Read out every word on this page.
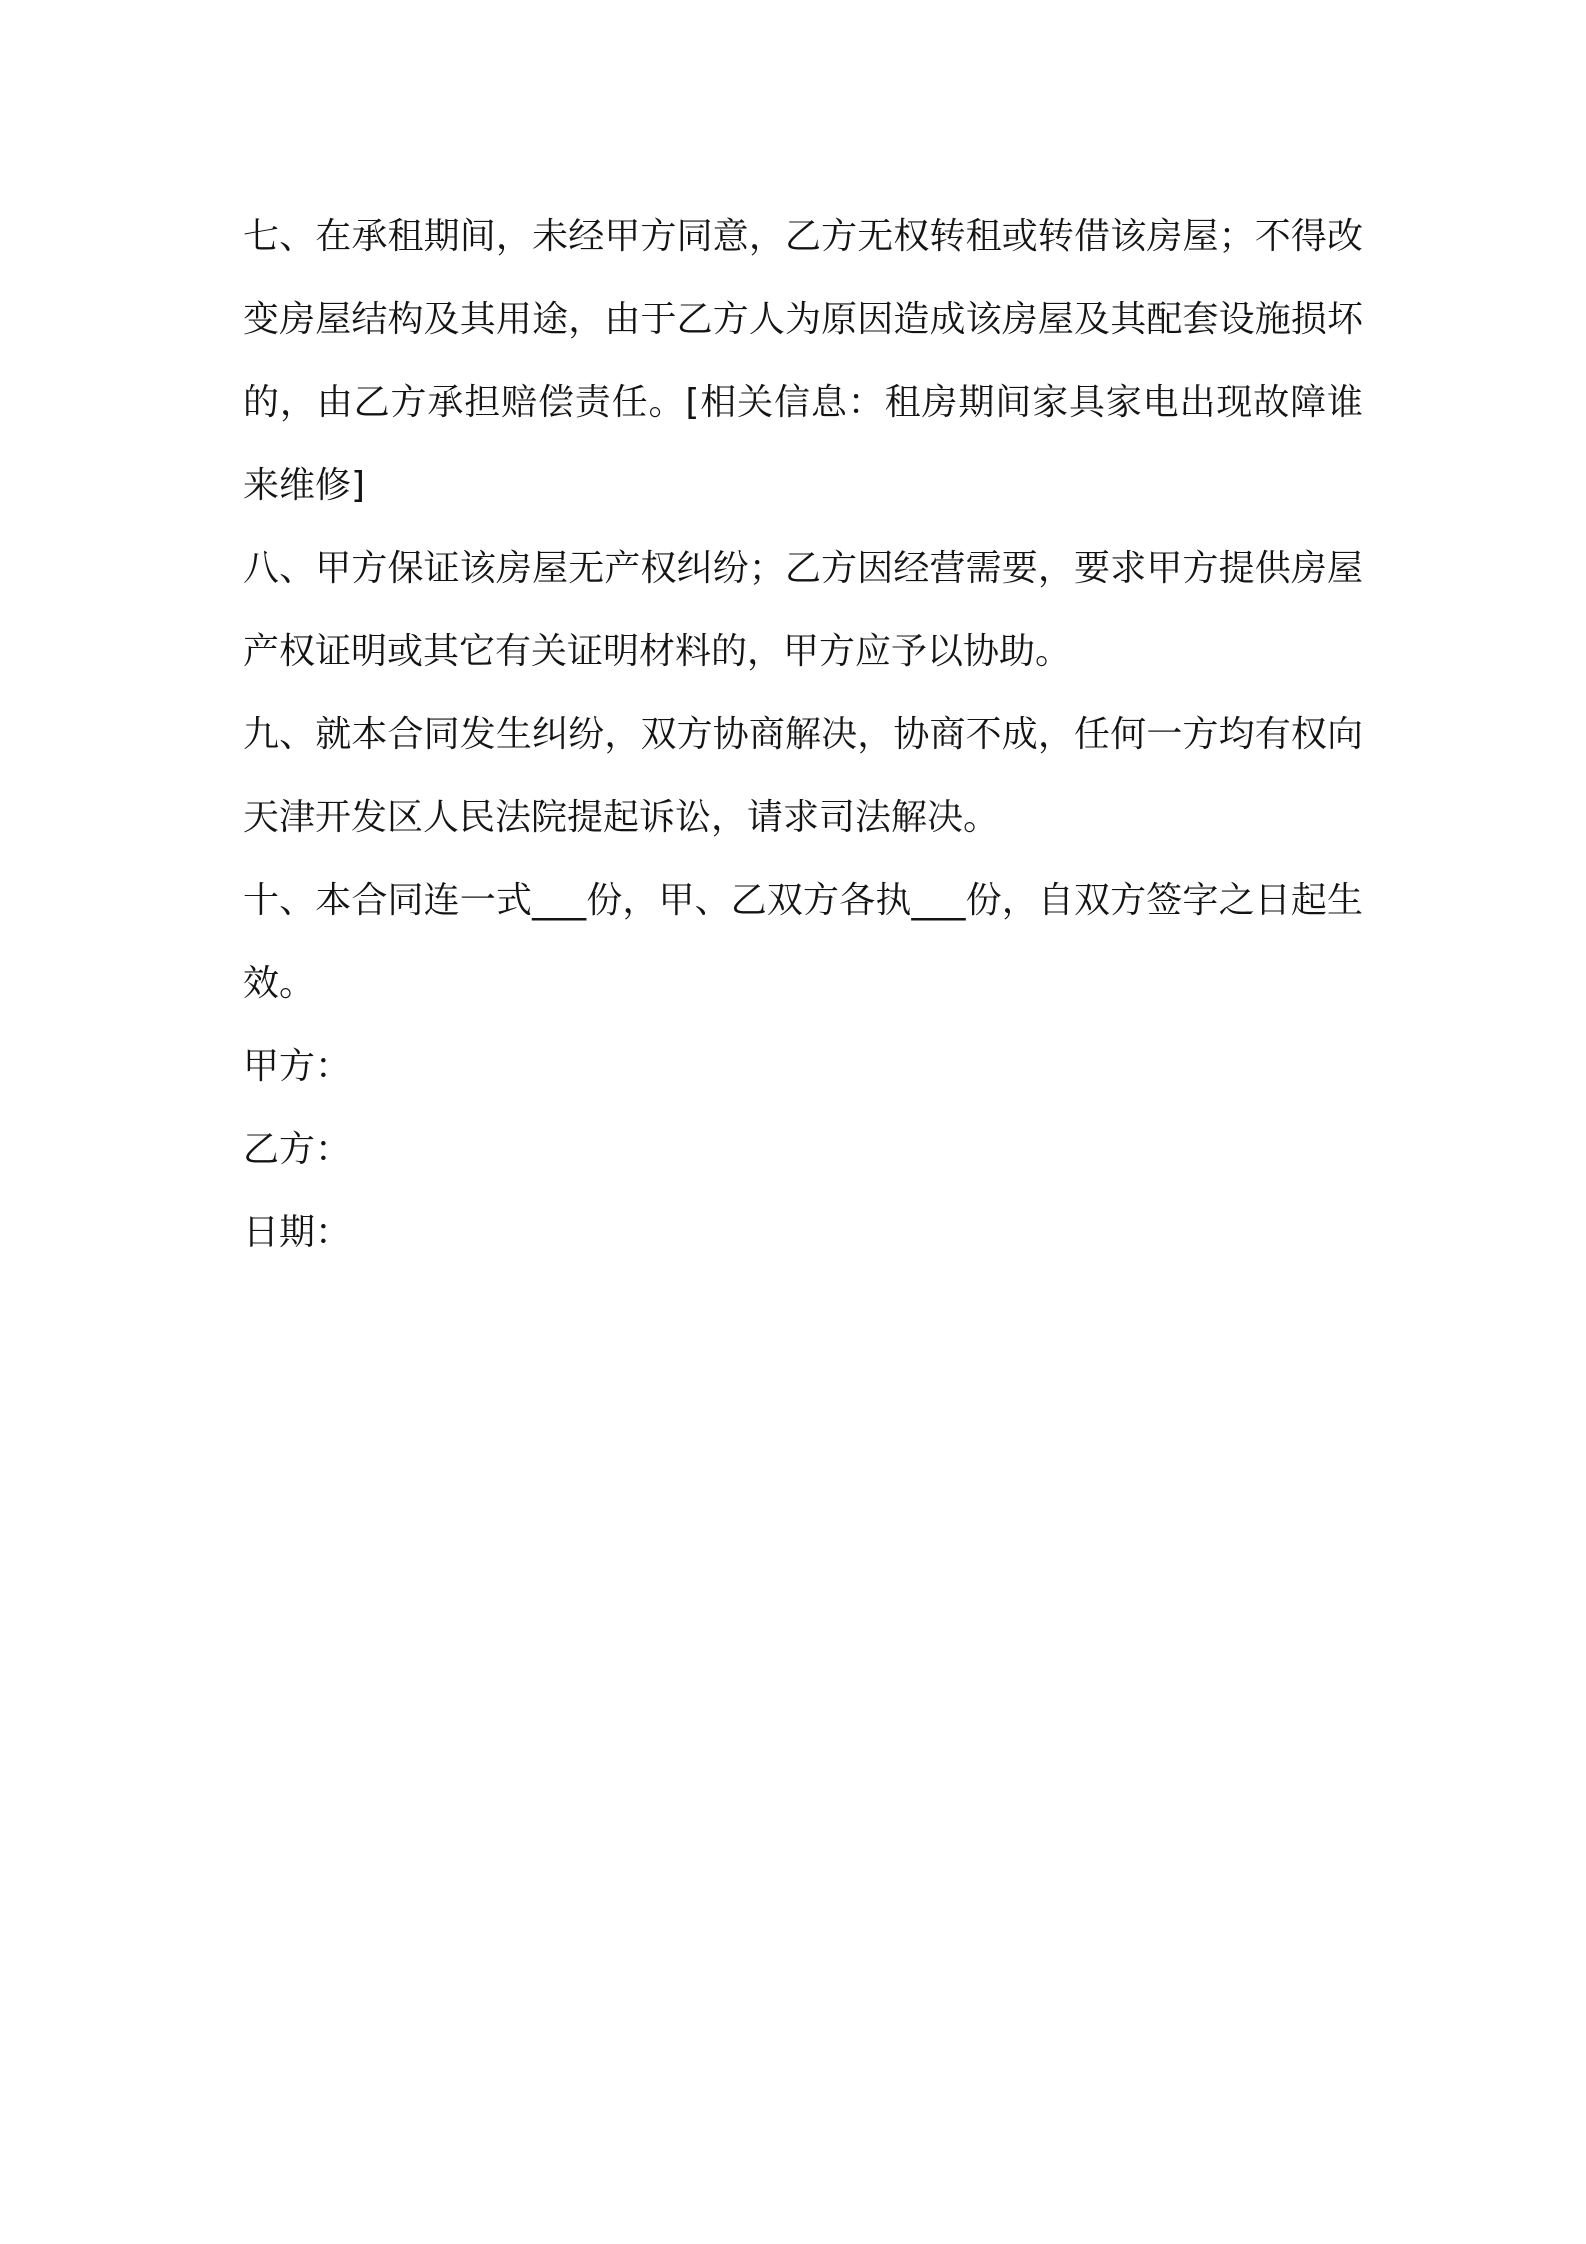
七、在承租期间，未经甲方同意，乙方无权转租或转借该房屋；不得改变房屋结构及其用途，由于乙方人为原因造成该房屋及其配套设施损坏的，由乙方承担赔偿责任。[相关信息：租房期间家具家电出现故障谁来维修]

八、甲方保证该房屋无产权纠纷；乙方因经营需要，要求甲方提供房屋产权证明或其它有关证明材料的，甲方应予以协助。

九、就本合同发生纠纷，双方协商解决，协商不成，任何一方均有权向天津开发区人民法院提起诉讼，请求司法解决。

十、本合同连一式___份，甲、乙双方各执___份，自双方签字之日起生效。

甲方：

乙方：

日期：
